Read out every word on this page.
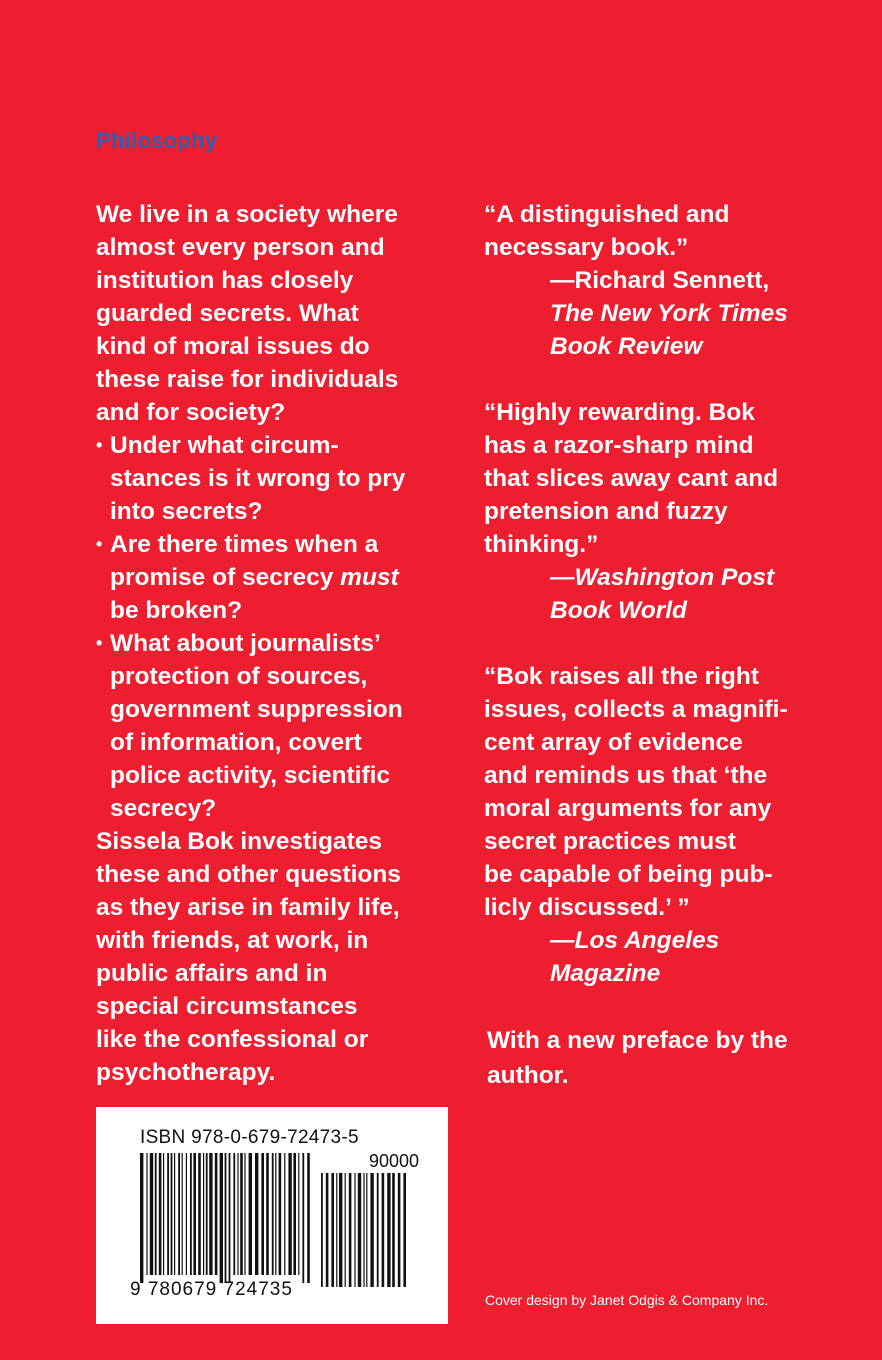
Philosophy

We live in a society where
almost every person and
institution has closely
guarded secrets. What
kind of moral issues do
these raise for individuals
and for society?

• Under what circum-
stances is it wrong to pry
into secrets?
• Are there times when a
promise of secrecy must
be broken?
• What about journalists’
protection of sources,
government suppression
of information, covert
police activity, scientific
secrecy?

Sissela Bok investigates
these and other questions
as they arise in family life,
with friends, at work, in
public affairs and in
special circumstances
like the confessional or
psychotherapy.

“A distinguished and
necessary book.”
—Richard Sennett,
The New York Times
Book Review
“Highly rewarding. Bok
has a razor-sharp mind
that slices away cant and
pretension and fuzzy
thinking.”
—Washington Post
Book World
“Bok raises all the right
issues, collects a magnifi-
cent array of evidence
and reminds us that ‘the
moral arguments for any
secret practices must
be capable of being pub-
licly discussed.’ ”
—Los Angeles
Magazine
With a new preface by the
author.
ISBN 978-0-679-72473-5
90000
9 780679 724735	Cover design by Janet Odgis & Company Inc.
